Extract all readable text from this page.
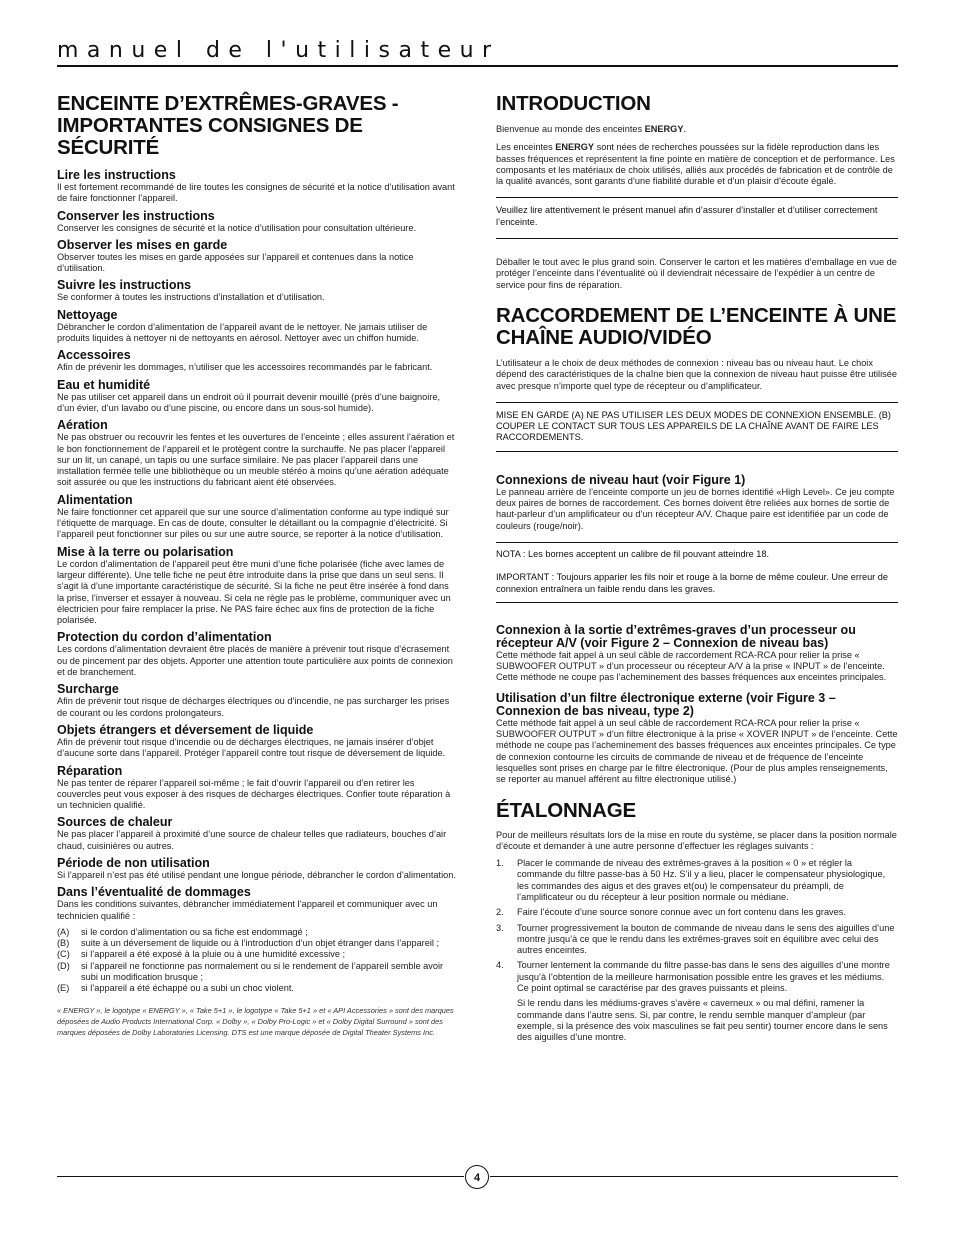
manuel de l'utilisateur
ENCEINTE D’EXTRÊMES-GRAVES - IMPORTANTES CONSIGNES DE SÉCURITÉ
Lire les instructions

Il est fortement recommandé de lire toutes les consignes de sécurité et la notice d’utilisation avant de faire fonctionner l’appareil.

Conserver les instructions

Conserver les consignes de sécurité et la notice d’utilisation pour consultation ultérieure.

Observer les mises en garde

Observer toutes les mises en garde apposées sur l’appareil et contenues dans la notice d’utilisation.

Suivre les instructions

Se conformer à toutes les instructions d’installation et d’utilisation.

Nettoyage

Débrancher le cordon d’alimentation de l’appareil avant de le nettoyer. Ne jamais utiliser de produits liquides à nettoyer ni de nettoyants en aérosol. Nettoyer avec un chiffon humide.

Accessoires

Afin de prévenir les dommages, n’utiliser que les accessoires recommandés par le fabricant.

Eau et humidité

Ne pas utiliser cet appareil dans un endroit où il pourrait devenir mouillé (près d’une baignoire, d’un évier, d’un lavabo ou d’une piscine, ou encore dans un sous-sol humide).

Aération

Ne pas obstruer ou recouvrir les fentes et les ouvertures de l’enceinte ; elles assurent l’aération et le bon fonctionnement de l’appareil et le protègent contre la surchauffe. Ne pas placer l’appareil sur un lit, un canapé, un tapis ou une surface similaire. Ne pas placer l’appareil dans une installation fermée telle une bibliothèque ou un meuble stéréo à moins qu’une aération adéquate soit assurée ou que les instructions du fabricant aient été observées.

Alimentation

Ne faire fonctionner cet appareil que sur une source d’alimentation conforme au type indiqué sur l’étiquette de marquage. En cas de doute, consulter le détaillant ou la compagnie d’électricité. Si l’appareil peut fonctionner sur piles ou sur une autre source, se reporter à la notice d’utilisation.

Mise à la terre ou polarisation

Le cordon d’alimentation de l’appareil peut être muni d’une fiche polarisée (fiche avec lames de largeur différente). Une telle fiche ne peut être introduite dans la prise que dans un seul sens. Il s’agit là d’une importante caractéristique de sécurité. Si la fiche ne peut être insérée à fond dans la prise, l’inverser et essayer à nouveau. Si cela ne règle pas le problème, communiquer avec un électricien pour faire remplacer la prise. Ne PAS faire échec aux fins de protection de la fiche polarisée.

Protection du cordon d’alimentation

Les cordons d’alimentation devraient être placés de manière à prévenir tout risque d’écrasement ou de pincement par des objets. Apporter une attention toute particulière aux points de connexion et de branchement.

Surcharge

Afin de prévenir tout risque de décharges électriques ou d’incendie, ne pas surcharger les prises de courant ou les cordons prolongateurs.

Objets étrangers et déversement de liquide

Afin de prévenir tout risque d’incendie ou de décharges électriques, ne jamais insérer d’objet d’aucune sorte dans l’appareil. Protéger l’appareil contre tout risque de déversement de liquide.

Réparation

Ne pas tenter de réparer l’appareil soi-même ; le fait d’ouvrir l’appareil ou d’en retirer les couvercles peut vous exposer à des risques de décharges électriques. Confier toute réparation à un technicien qualifié.

Sources de chaleur

Ne pas placer l’appareil à proximité d’une source de chaleur telles que radiateurs, bouches d’air chaud, cuisinières ou autres.

Période de non utilisation

Si l’appareil n’est pas été utilisé pendant une longue période, débrancher le cordon d’alimentation.

Dans l’éventualité de dommages

Dans les conditions suivantes, débrancher immédiatement l’appareil et communiquer avec un technicien qualifié :

(A)	si le cordon d’alimentation ou sa fiche est endommagé ;
(B)	suite à un déversement de liquide ou à l’introduction d’un objet étranger dans l’appareil ;
(C)	si l’appareil a été exposé à la pluie ou à une humidité excessive ;
(D)	si l’appareil ne fonctionne pas normalement ou si le rendement de l’appareil semble avoir subi un modification brusque ;
(E)	si l’appareil a été échappé ou a subi un choc violent.

« ENERGY », le logotype « ENERGY », « Take 5+1 », le logotype « Take 5+1 » et « API Accessories » sont des marques déposées de Audio Products International Corp. « Dolby », « Dolby Pro-Logic » et « Dolby Digital Surround » sont des marques déposées de Dolby Laboratories Licensing. DTS est une marque déposée de Digital Theater Systems Inc.

INTRODUCTION

Bienvenue au monde des enceintes ENERGY.

Les enceintes ENERGY sont nées de recherches poussées sur la fidèle reproduction dans les basses fréquences et représentent la fine pointe en matière de conception et de performance. Les composants et les matériaux de choix utilisés, alliés aux procédés de fabrication et de contrôle de la qualité avancés, sont garants d’une fiabilité durable et d’un plaisir d’écoute égalé.

Veuillez lire attentivement le présent manuel afin d’assurer d’installer et d’utiliser correctement l’enceinte.

Déballer le tout avec le plus grand soin. Conserver le carton et les matières d’emballage en vue de protéger l’enceinte dans l’éventualité où il deviendrait nécessaire de l’expédier à un centre de service pour fins de réparation.

RACCORDEMENT DE L’ENCEINTE À UNE CHAÎNE AUDIO/VIDÉO

L’utilisateur a le choix de deux méthodes de connexion : niveau bas ou niveau haut. Le choix dépend des caractéristiques de la chaîne bien que la connexion de niveau haut puisse être utilisée avec presque n’importe quel type de récepteur ou d’amplificateur.

MISE EN GARDE (A) NE PAS UTILISER LES DEUX MODES DE CONNEXION ENSEMBLE. (B) COUPER LE CONTACT SUR TOUS LES APPAREILS DE LA CHAÎNE AVANT DE FAIRE LES RACCORDEMENTS.

Connexions de niveau haut (voir Figure 1)

Le panneau arrière de l’enceinte comporte un jeu de bornes identifié «High Level». Ce jeu compte deux paires de bornes de raccordement. Ces bornes doivent être reliées aux bornes de sortie de haut-parleur d’un amplificateur ou d’un récepteur A/V. Chaque paire est identifiée par un code de couleurs (rouge/noir).

NOTA : Les bornes acceptent un calibre de fil pouvant atteindre 18.

IMPORTANT : Toujours apparier les fils noir et rouge à la borne de même couleur. Une erreur de connexion entraînera un faible rendu dans les graves.

Connexion à la sortie d’extrêmes-graves d’un processeur ou récepteur A/V (voir Figure 2 – Connexion de niveau bas)

Cette méthode fait appel à un seul câble de raccordement RCA-RCA pour relier la prise « SUBWOOFER OUTPUT » d’un processeur ou récepteur A/V à la prise « INPUT » de l’enceinte. Cette méthode ne coupe pas l’acheminement des basses fréquences aux enceintes principales.

Utilisation d’un filtre électronique externe (voir Figure 3 – Connexion de bas niveau, type 2)

Cette méthode fait appel à un seul câble de raccordement RCA-RCA pour relier la prise « SUBWOOFER OUTPUT » d’un filtre électronique à la prise « XOVER INPUT » de l’enceinte. Cette méthode ne coupe pas l’acheminement des basses fréquences aux enceintes principales. Ce type de connexion contourne les circuits de commande de niveau et de fréquence de l’enceinte lesquelles sont prises en charge par le filtre électronique. (Pour de plus amples renseignements, se reporter au manuel afférent au filtre électronique utilisé.)

ÉTALONNAGE

Pour de meilleurs résultats lors de la mise en route du système, se placer dans la position normale d’écoute et demander à une autre personne d’effectuer les réglages suivants :

1.	Placer le commande de niveau des extrêmes-graves à la position « 0 » et régler la commande du filtre passe-bas à 50 Hz. S’il y a lieu, placer le compensateur physiologique, les commandes des aigus et des graves et(ou) le compensateur du préampli, de l’amplificateur ou du récepteur à leur position normale ou médiane.
2.	Faire l’écoute d’une source sonore connue avec un fort contenu dans les graves.
3.	Tourner progressivement la bouton de commande de niveau dans le sens des aiguilles d’une montre jusqu’à ce que le rendu dans les extrêmes-graves soit en équilibre avec celui des autres enceintes.
4.	Tourner lentement la commande du filtre passe-bas dans le sens des aiguilles d’une montre jusqu’à l’obtention de la meilleure harmonisation possible entre les graves et les médiums. Ce point optimal se caractérise par des graves puissants et pleins.

Si le rendu dans les médiums-graves s’avère « caverneux » ou mal défini, ramener la commande dans l’autre sens. Si, par contre, le rendu semble manquer d’ampleur (par exemple, si la présence des voix masculines se fait peu sentir) tourner encore dans le sens des aiguilles d’une montre.

4
